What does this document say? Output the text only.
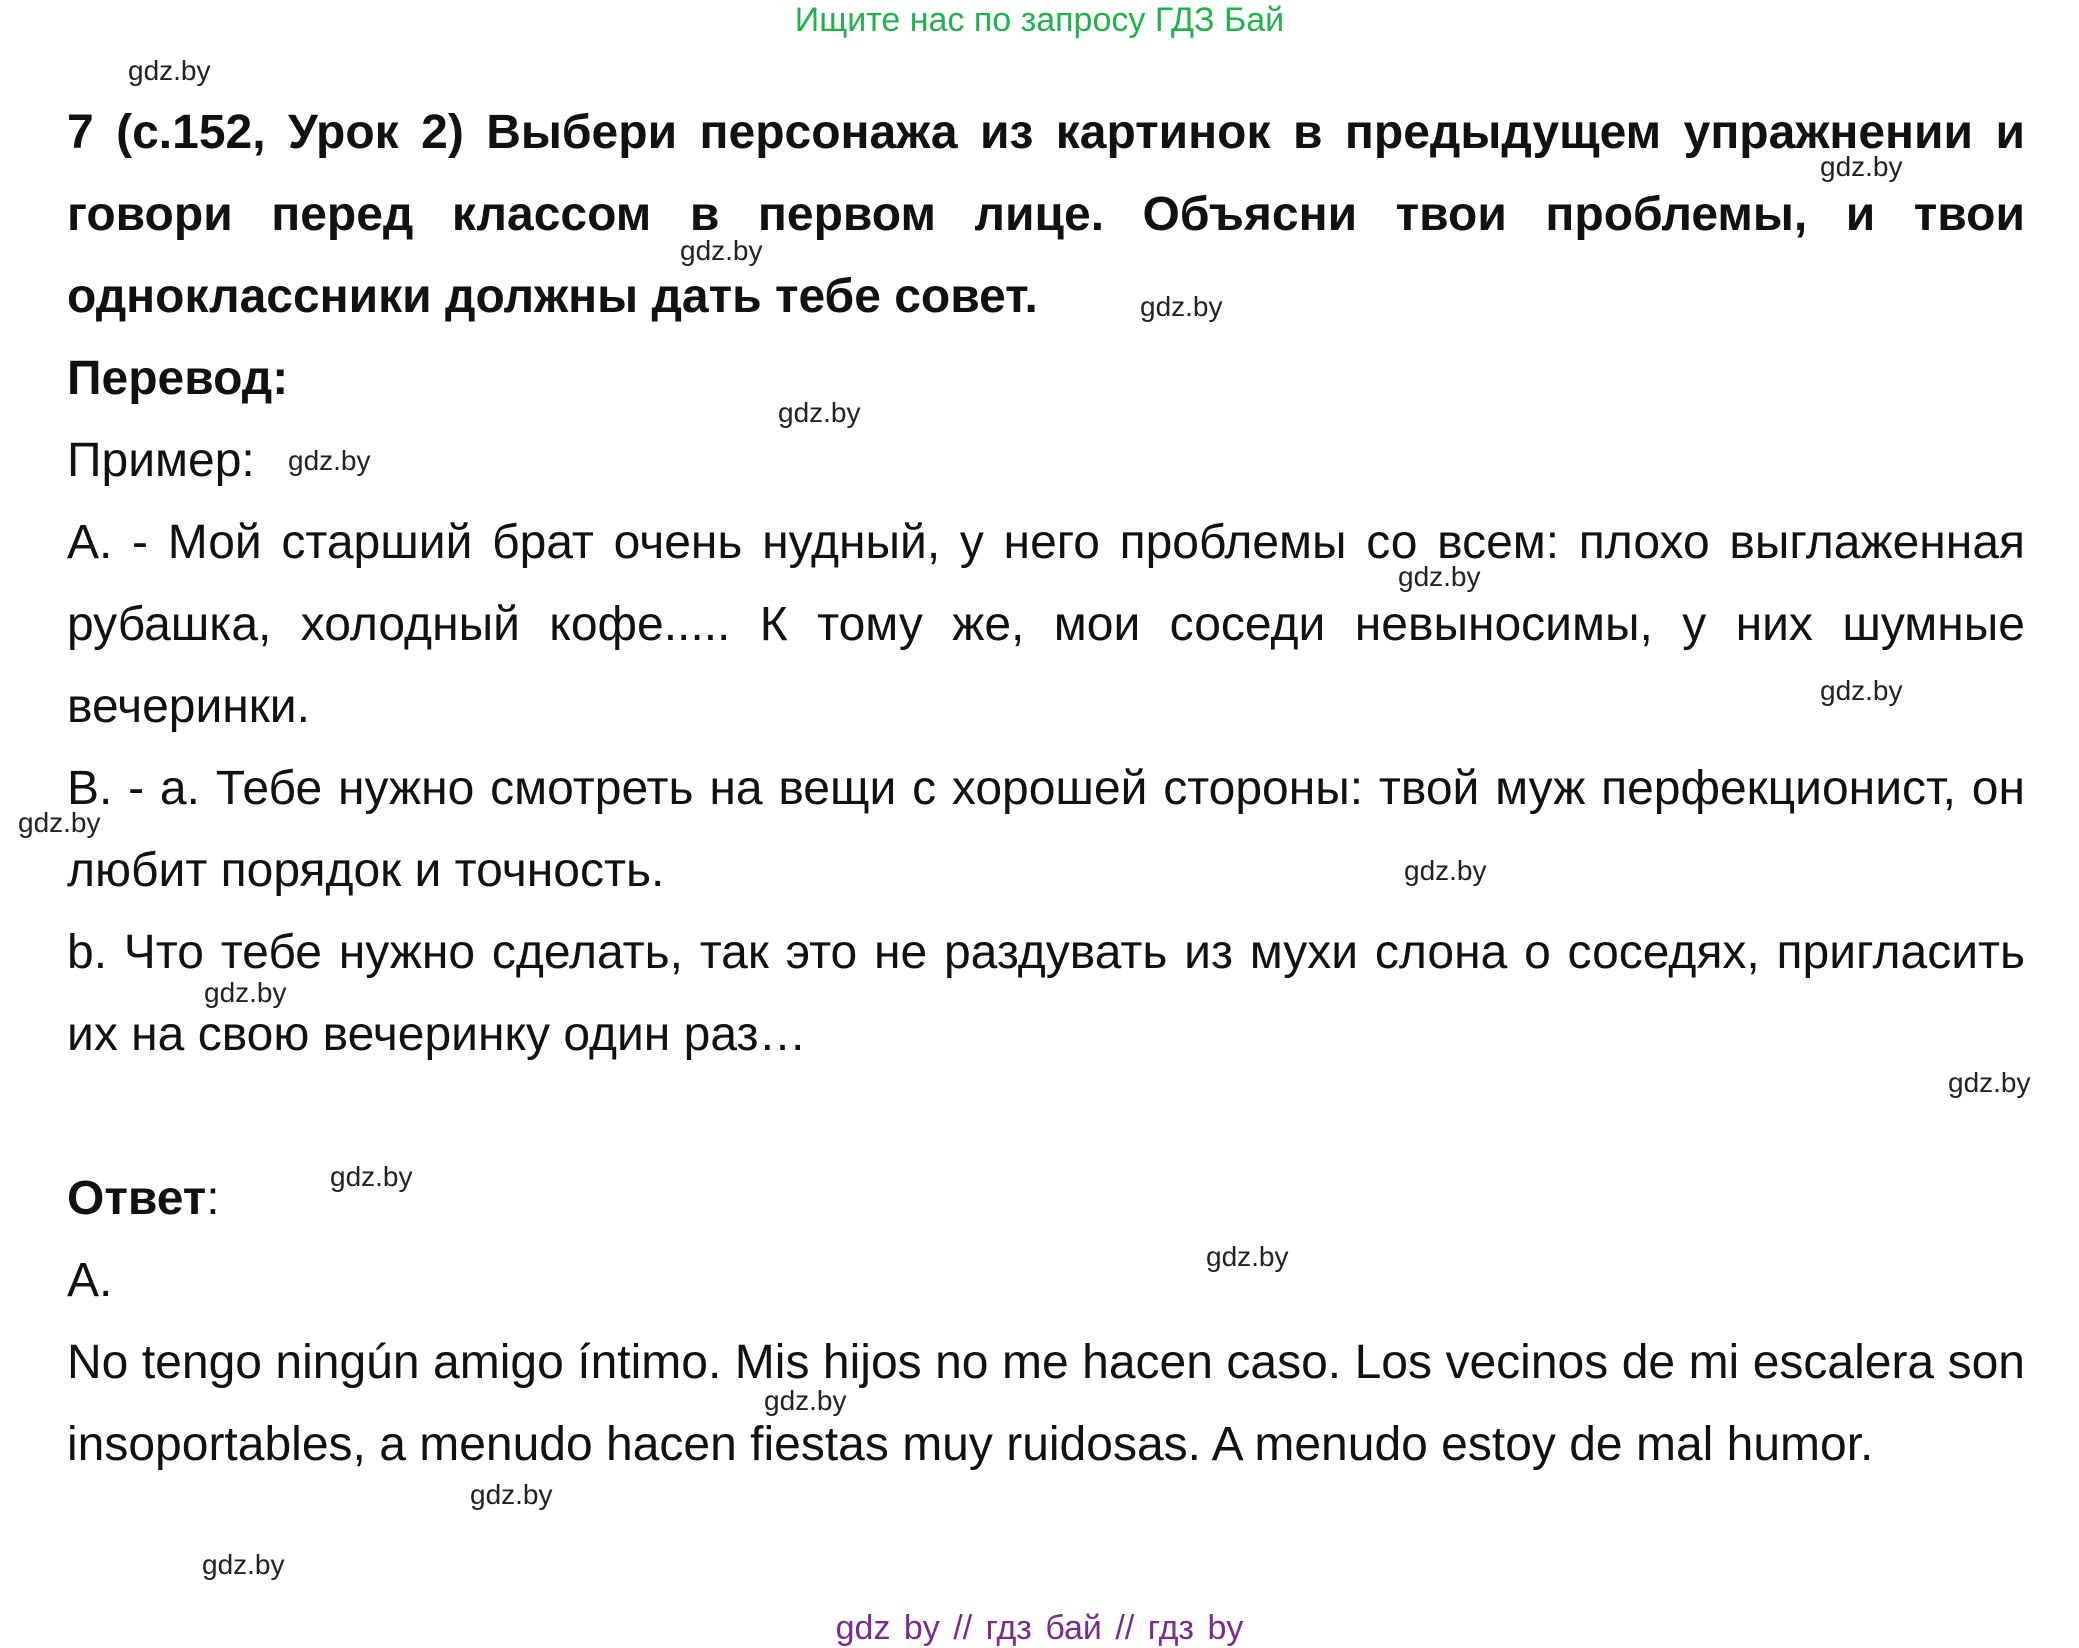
Ищите нас по запросу ГДЗ Бай

7 (с.152, Урок 2) Выбери персонажа из картинок в предыдущем упражнении и говори перед классом в первом лице. Объясни твои проблемы, и твои одноклассники должны дать тебе совет.

Перевод:

Пример:

А. - Мой старший брат очень нудный, у него проблемы со всем: плохо выглаженная рубашка, холодный кофе..... К тому же, мои соседи невыносимы, у них шумные вечеринки.

В. - а. Тебе нужно смотреть на вещи с хорошей стороны: твой муж перфекционист, он любит порядок и точность.

b. Что тебе нужно сделать, так это не раздувать из мухи слона о соседях, пригласить их на свою вечеринку один раз…

Ответ:

A.

No tengo ningún amigo íntimo. Mis hijos no me hacen caso. Los vecinos de mi escalera son insoportables, a menudo hacen fiestas muy ruidosas. A menudo estoy de mal humor.

gdz.by
gdz.by
gdz.by
gdz.by
gdz.by
gdz.by
gdz.by
gdz.by
gdz.by
gdz.by
gdz.by
gdz.by
gdz.by
gdz.by
gdz.by
gdz.by
gdz.by
gdz by // гдз бай // гдз by
